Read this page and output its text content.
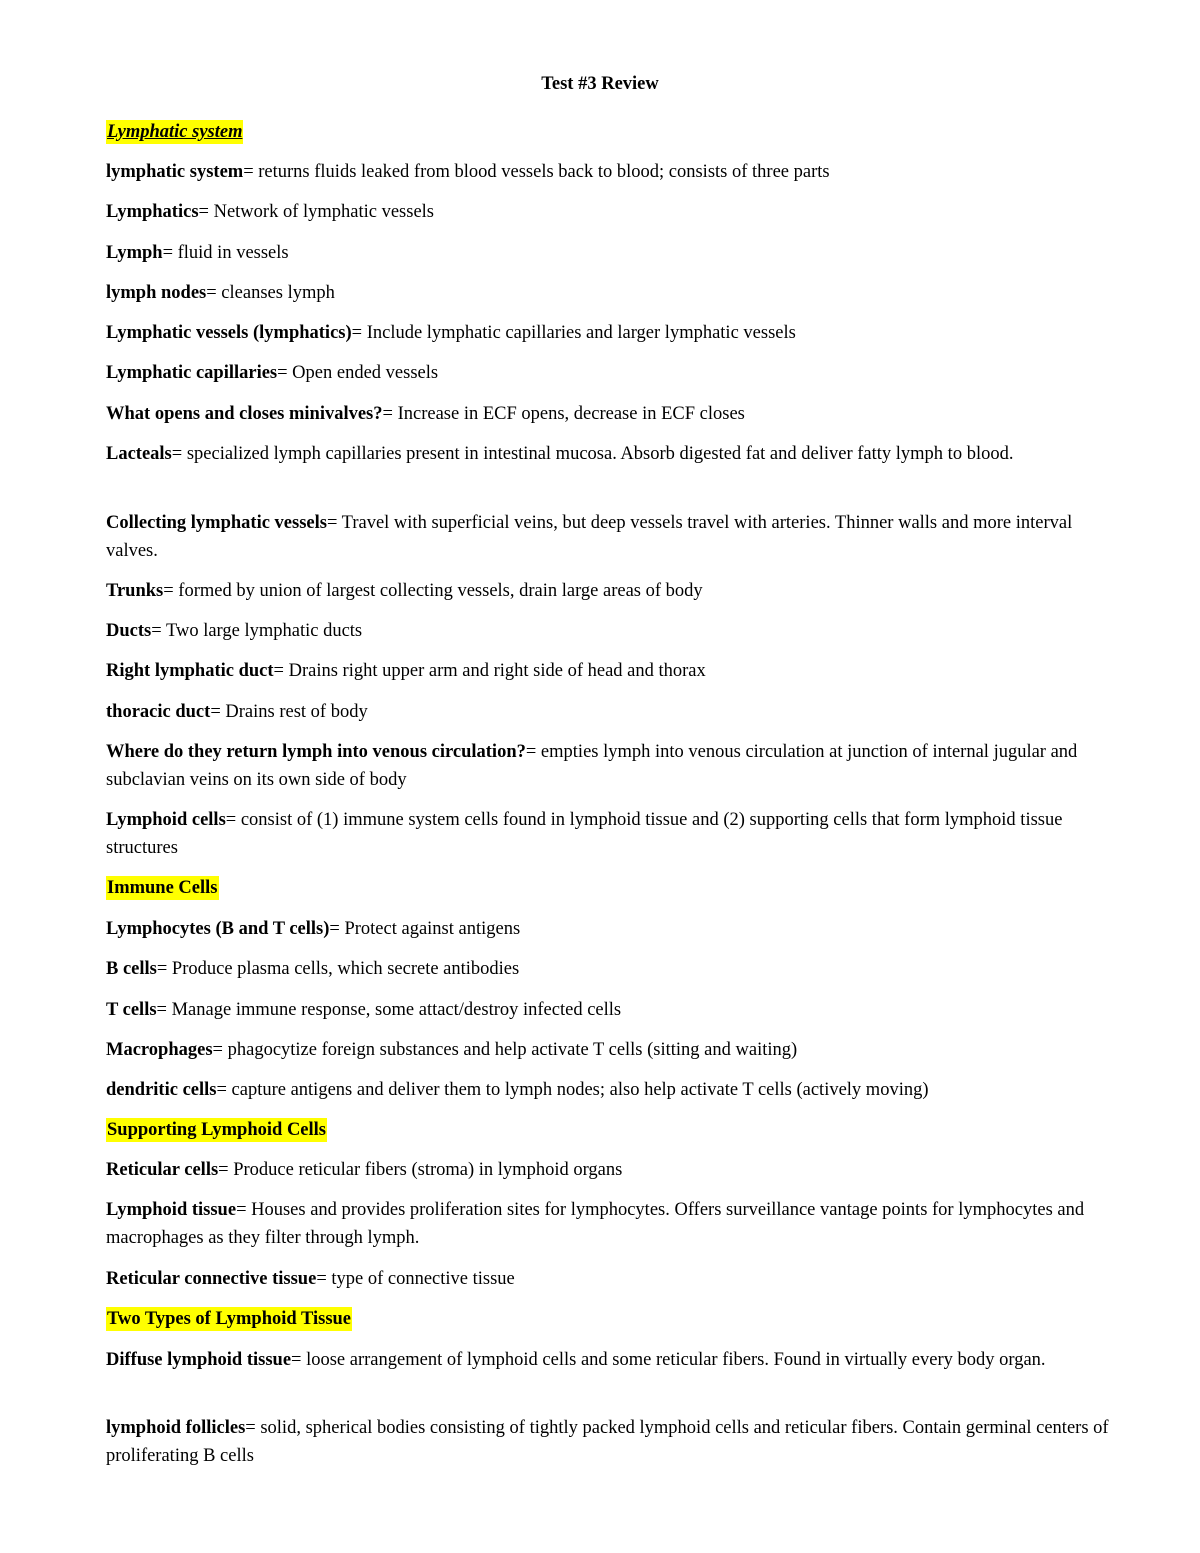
Test #3 Review
Lymphatic system

lymphatic system= returns fluids leaked from blood vessels back to blood; consists of three parts

Lymphatics= Network of lymphatic vessels

Lymph= fluid in vessels

lymph nodes= cleanses lymph

Lymphatic vessels (lymphatics)= Include lymphatic capillaries and larger lymphatic vessels

Lymphatic capillaries= Open ended vessels

What opens and closes minivalves?= Increase in ECF opens, decrease in ECF closes

Lacteals= specialized lymph capillaries present in intestinal mucosa. Absorb digested fat and deliver fatty lymph to blood.

Collecting lymphatic vessels= Travel with superficial veins, but deep vessels travel with arteries. Thinner walls and more interval valves.

Trunks= formed by union of largest collecting vessels, drain large areas of body

Ducts= Two large lymphatic ducts

Right lymphatic duct= Drains right upper arm and right side of head and thorax

thoracic duct= Drains rest of body

Where do they return lymph into venous circulation?= empties lymph into venous circulation at junction of internal jugular and subclavian veins on its own side of body

Lymphoid cells= consist of (1) immune system cells found in lymphoid tissue and (2) supporting cells that form lymphoid tissue structures

Immune Cells

Lymphocytes (B and T cells)= Protect against antigens

B cells= Produce plasma cells, which secrete antibodies

T cells= Manage immune response, some attact/destroy infected cells

Macrophages= phagocytize foreign substances and help activate T cells (sitting and waiting)

dendritic cells= capture antigens and deliver them to lymph nodes; also help activate T cells (actively moving)

Supporting Lymphoid Cells

Reticular cells= Produce reticular fibers (stroma) in lymphoid organs

Lymphoid tissue= Houses and provides proliferation sites for lymphocytes. Offers surveillance vantage points for lymphocytes and macrophages as they filter through lymph.

Reticular connective tissue= type of connective tissue

Two Types of Lymphoid Tissue

Diffuse lymphoid tissue= loose arrangement of lymphoid cells and some reticular fibers. Found in virtually every body organ.

lymphoid follicles= solid, spherical bodies consisting of tightly packed lymphoid cells and reticular fibers. Contain germinal centers of proliferating B cells
